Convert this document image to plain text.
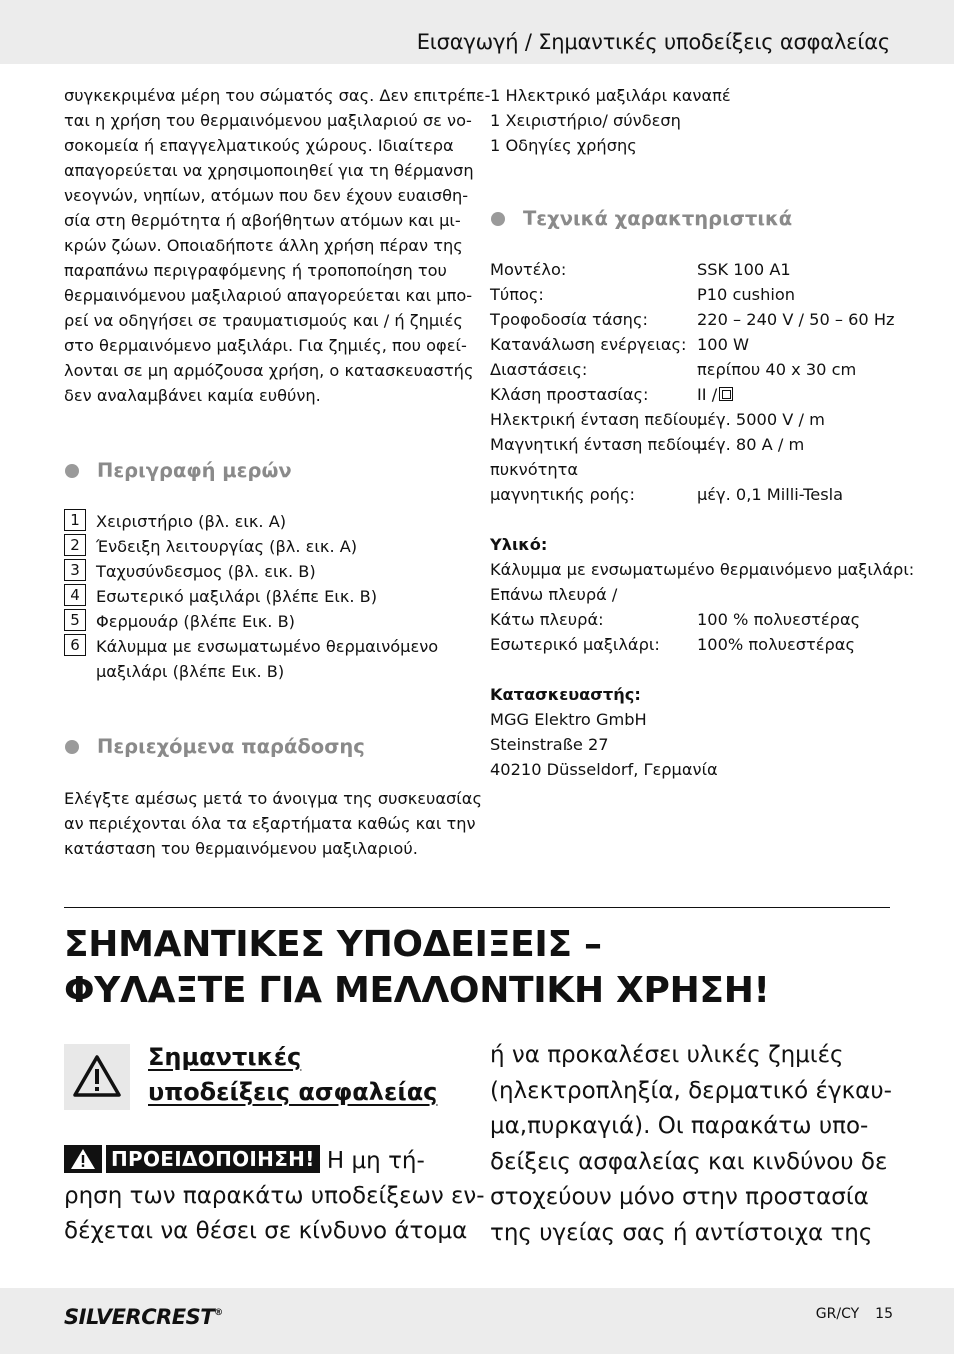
Εισαγωγή / Σημαντικές υποδείξεις ασφαλείας

συγκεκριμένα μέρη του σώματός σας. Δεν επιτρέπε-

ται η χρήση του θερμαινόμενου μαξιλαριού σε νο-

σοκομεία ή επαγγελματικούς χώρους. Ιδιαίτερα

απαγορεύεται να χρησιμοποιηθεί για τη θέρμανση

νεογνών, νηπίων, ατόμων που δεν έχουν ευαισθη-

σία στη θερμότητα ή αβοήθητων ατόμων και μι-

κρών ζώων. Οποιαδήποτε άλλη χρήση πέραν της

παραπάνω περιγραφόμενης ή τροποποίηση του

θερμαινόμενου μαξιλαριού απαγορεύεται και μπο-

ρεί να οδηγήσει σε τραυματισμούς και / ή ζημιές

στο θερμαινόμενο μαξιλάρι. Για ζημιές, που οφεί-

λονται σε μη αρμόζουσα χρήση, ο κατασκευαστής

δεν αναλαμβάνει καμία ευθύνη.

Περιγραφή μερών
1	Χειριστήριο (βλ. εικ. A)
2	Ένδειξη λειτουργίας (βλ. εικ. A)
3	Ταχυσύνδεσμος (βλ. εικ. B)
4	Εσωτερικό μαξιλάρι (βλέπε Εικ. B)
5	Φερμουάρ (βλέπε Εικ. B)
6	Κάλυμμα με ενσωματωμένο θερμαινόμενο
μαξιλάρι (βλέπε Εικ. B)
Περιεχόμενα παράδοσης

Ελέγξτε αμέσως μετά το άνοιγμα της συσκευασίας

αν περιέχονται όλα τα εξαρτήματα καθώς και την

κατάσταση του θερμαινόμενου μαξιλαριού.

1 Ηλεκτρικό μαξιλάρι καναπέ

1 Χειριστήριο/ σύνδεση

1 Οδηγίες χρήσης

Τεχνικά χαρακτηριστικά
Μοντέλο:	SSK 100 A1
Τύπος:	P10 cushion
Τροφοδοσία τάσης:	220 – 240 V / 50 – 60 Hz
Κατανάλωση ενέργειας: 100 W
Διαστάσεις:	περίπου 40 x 30 cm
Κλάση προστασίας:	II /
Ηλεκτρική ένταση πεδίου:
μέγ. 5000 V / m
Μαγνητική ένταση πεδίου:
μέγ. 80 A / m
πυκνότητα
μαγνητικής ροής:	μέγ. 0,1 Milli-Tesla

Υλικό:

Κάλυμμα με ενσωματωμένο θερμαινόμενο μαξιλάρι:

Επάνω πλευρά /

Κάτω πλευρά:	100 % πολυεστέρας
Εσωτερικό μαξιλάρι:	100% πολυεστέρας

Κατασκευαστής:

MGG Elektro GmbH

Steinstraße 27

40210 Düsseldorf, Γερμανία

ΣΗΜΑΝΤΙΚΕΣ ΥΠΟΔΕΙΞΕΙΣ –

ΦΥΛΑΞΤΕ ΓΙΑ ΜΕΛΛΟΝΤΙΚΗ ΧΡΗΣΗ!

Σημαντικές

υποδείξεις ασφαλείας

ΠΡΟΕΙΔΟΠΟΙΗΣΗ! Η μη τή-

ρηση των παρακάτω υποδείξεων εν-

δέχεται να θέσει σε κίνδυνο άτομα

ή να προκαλέσει υλικές ζημιές

(ηλεκτροπληξία, δερματικό έγκαυ-

μα,πυρκαγιά). Οι παρακάτω υπο-

δείξεις ασφαλείας και κινδύνου δε

στοχεύουν μόνο στην προστασία

της υγείας σας ή αντίστοιχα της

SILVERCREST®	GR/CY 15
